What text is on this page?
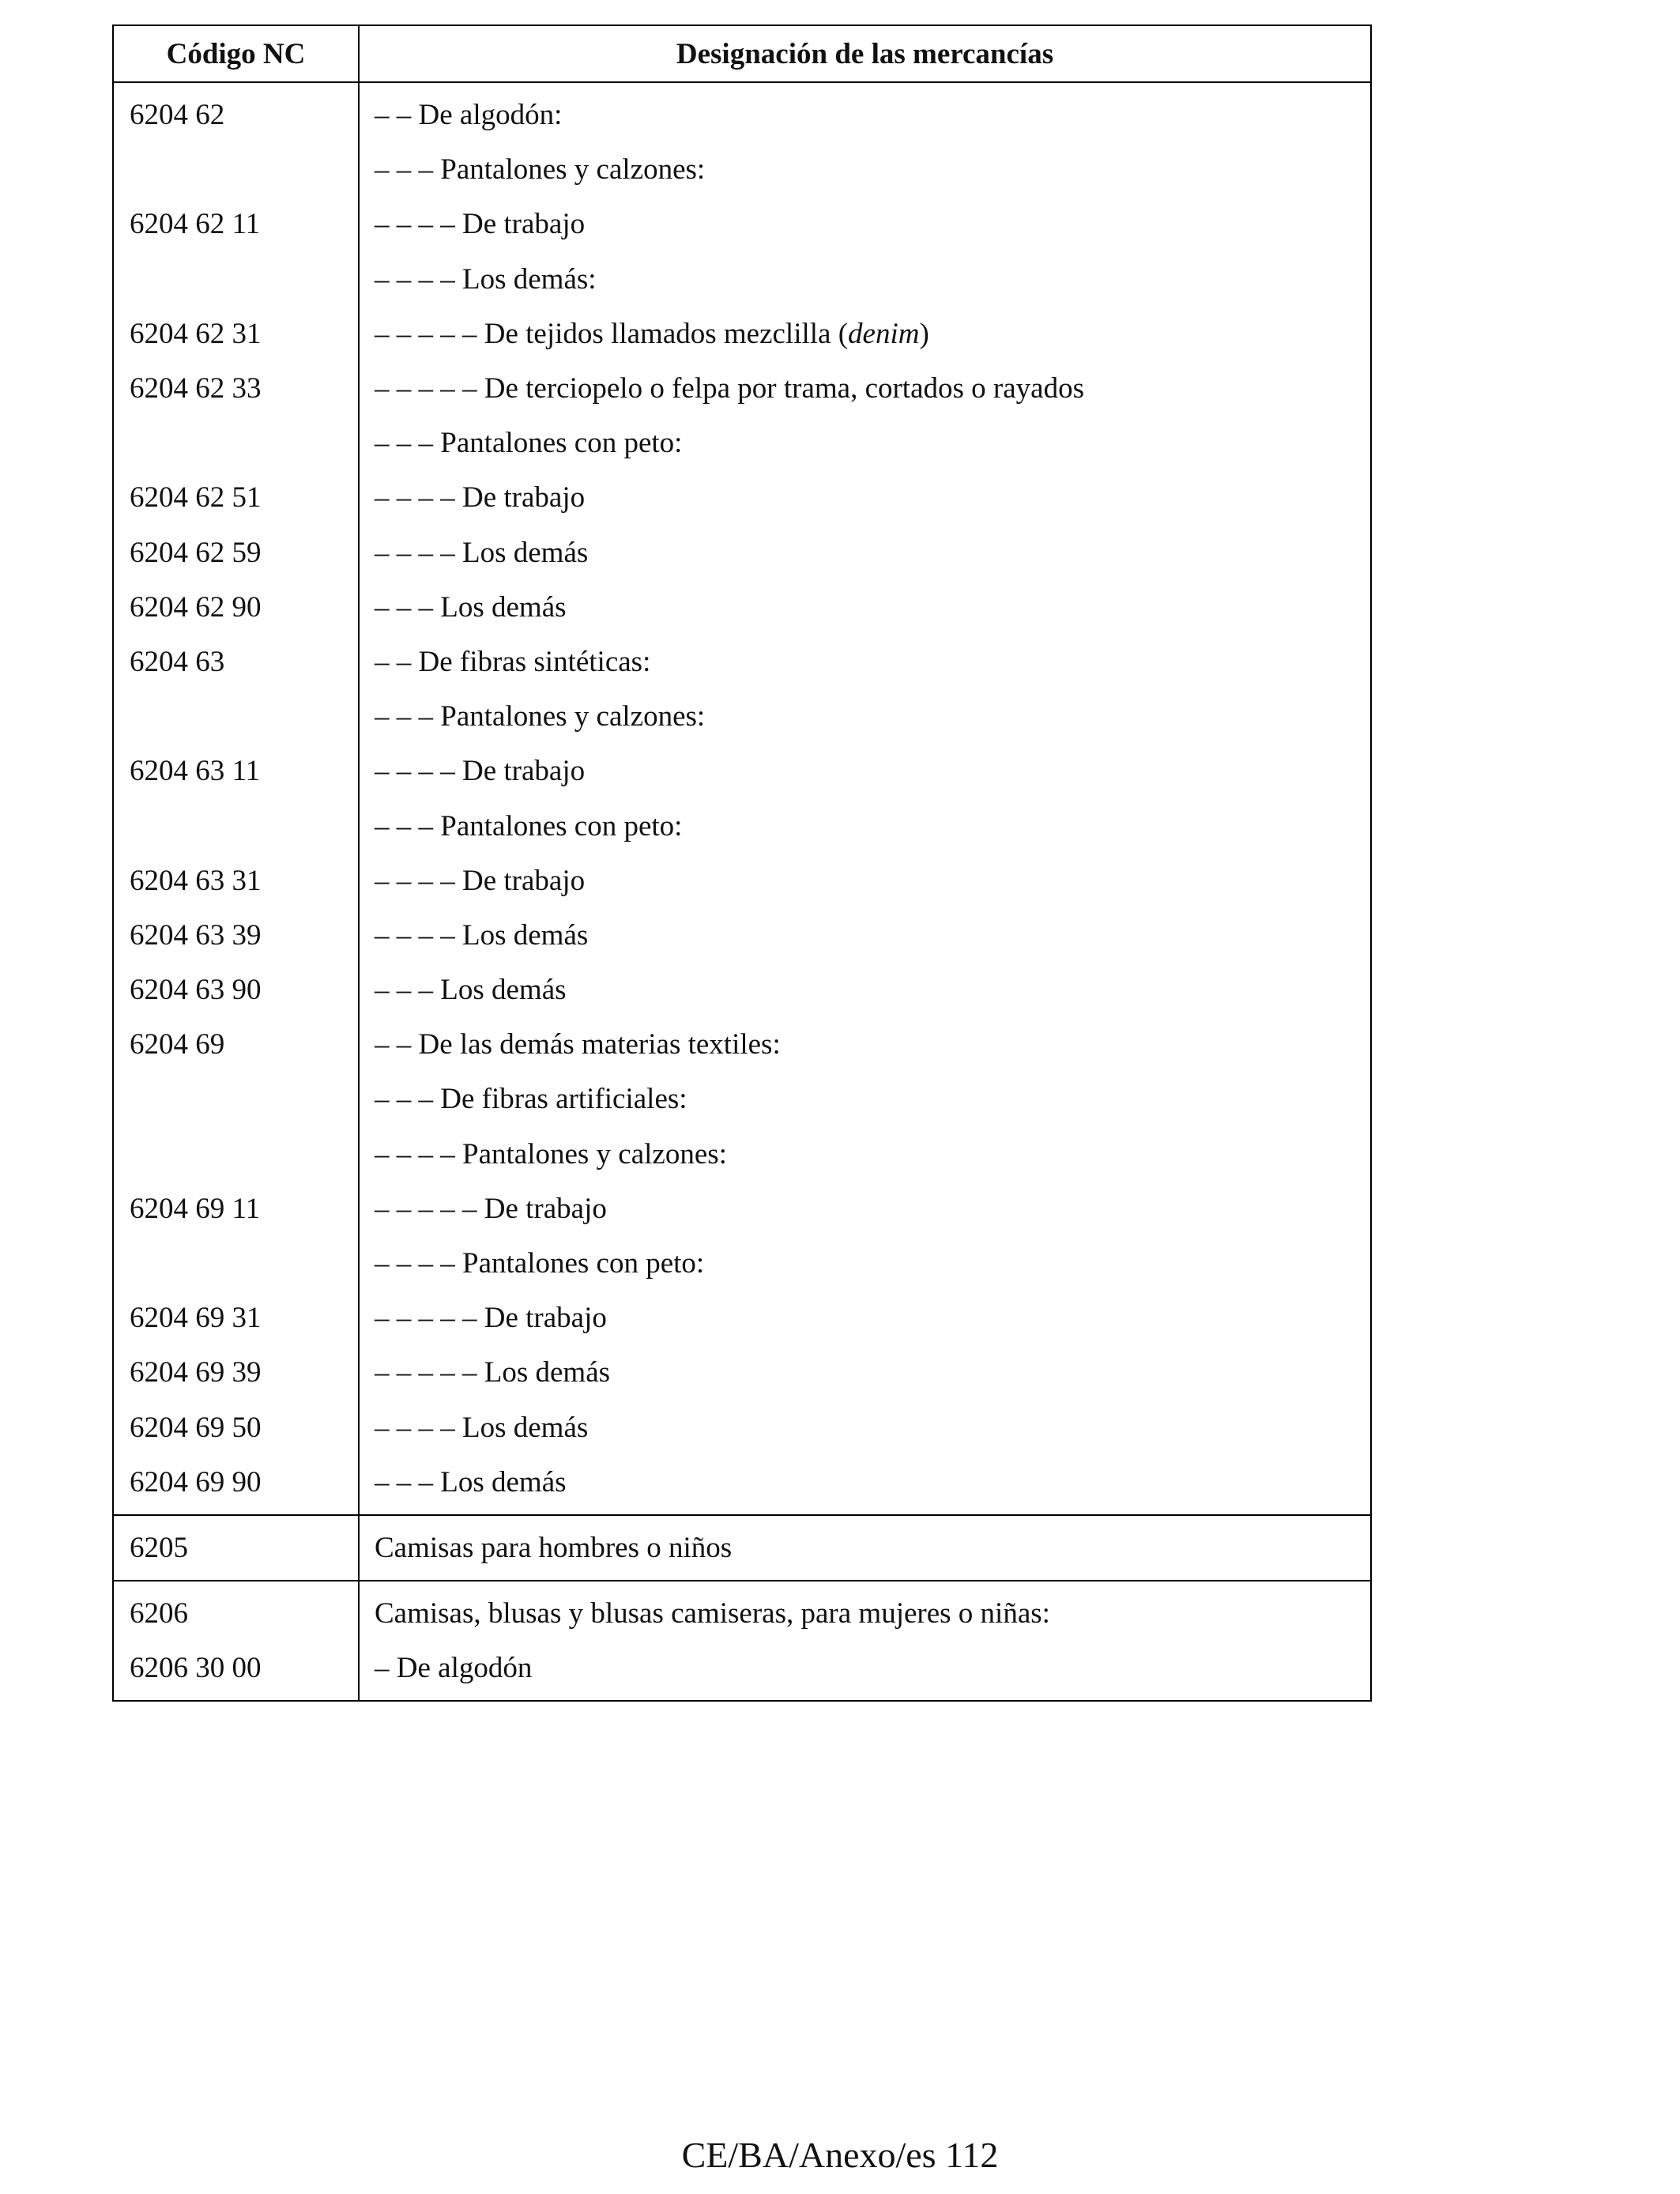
Código NC	Designación de las mercancías
6204 62	– – De algodón:
	– – – Pantalones y calzones:
6204 62 11	– – – – De trabajo
	– – – – Los demás:
6204 62 31	– – – – – De tejidos llamados mezclilla (denim)
6204 62 33	– – – – – De terciopelo o felpa por trama, cortados o rayados
	– – – Pantalones con peto:
6204 62 51	– – – – De trabajo
6204 62 59	– – – – Los demás
6204 62 90	– – – Los demás
6204 63	– – De fibras sintéticas:
	– – – Pantalones y calzones:
6204 63 11	– – – – De trabajo
	– – – Pantalones con peto:
6204 63 31	– – – – De trabajo
6204 63 39	– – – – Los demás
6204 63 90	– – – Los demás
6204 69	– – De las demás materias textiles:
	– – – De fibras artificiales:
	– – – – Pantalones y calzones:
6204 69 11	– – – – – De trabajo
	– – – – Pantalones con peto:
6204 69 31	– – – – – De trabajo
6204 69 39	– – – – – Los demás
6204 69 50	– – – – Los demás
6204 69 90	– – – Los demás
6205	Camisas para hombres o niños
6206	Camisas, blusas y blusas camiseras, para mujeres o niñas:
6206 30 00	– De algodón
CE/BA/Anexo/es 112
